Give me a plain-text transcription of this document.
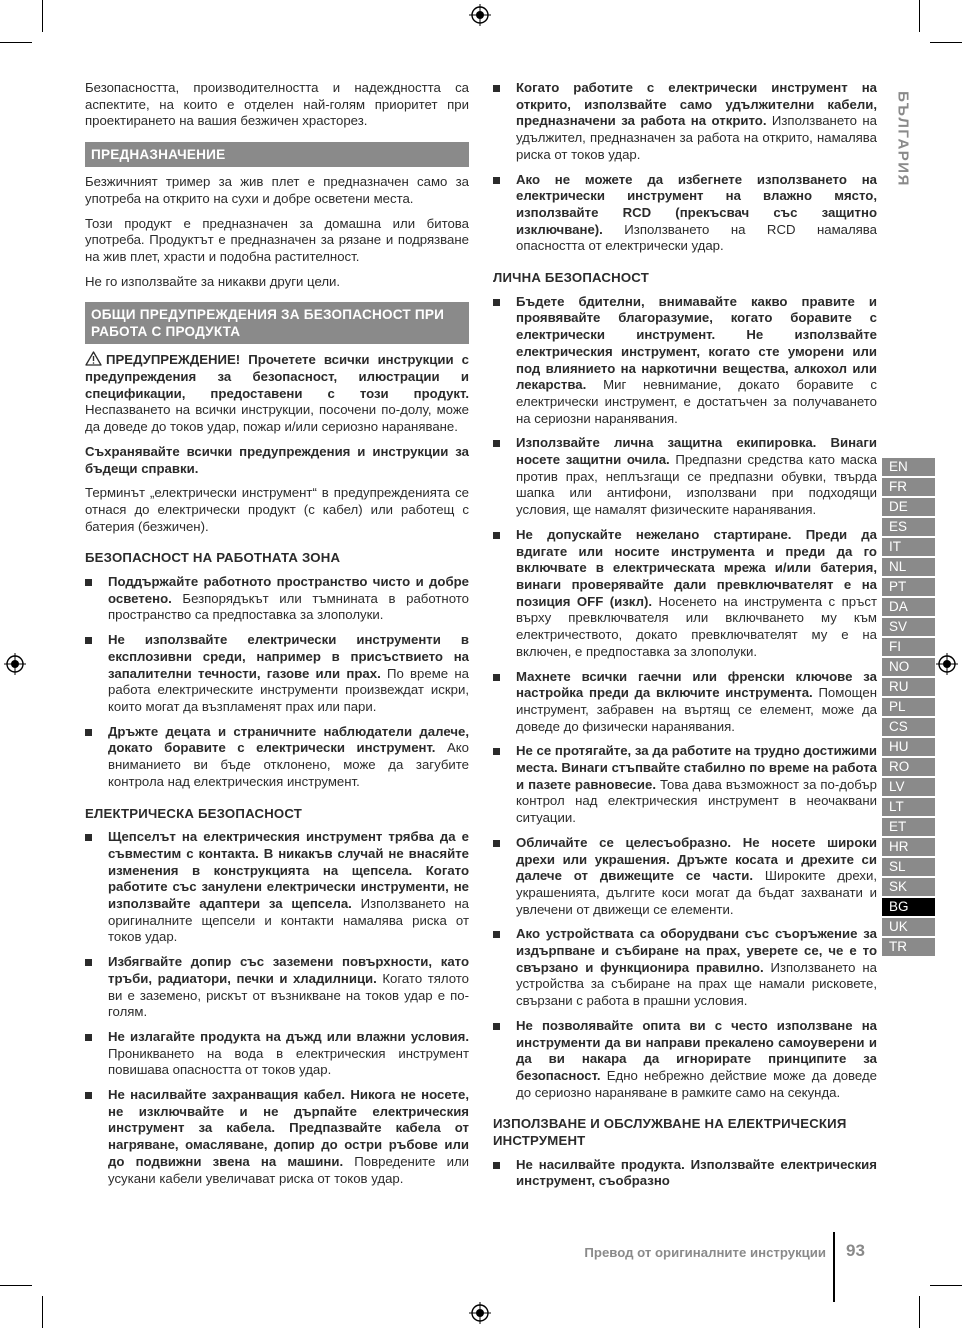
Безопасността, производителността и надеждността са аспектите, на които е отделен най-голям приоритет при проектирането на вашия безжичен храсторез.

ПРЕДНАЗНАЧЕНИЕ

Безжичният тример за жив плет е предназначен само за употреба на открито на сухи и добре осветени места.

Този продукт е предназначен за домашна или битова употреба. Продуктът е предназначен за рязане и подрязване на жив плет, храсти и подобна растителност.

Не го използвайте за никакви други цели.

ОБЩИ ПРЕДУПРЕЖДЕНИЯ ЗА БЕЗОПАСНОСТ ПРИ РАБОТА С ПРОДУКТА

ПРЕДУПРЕЖДЕНИЕ! Прочетете всички инструкции с предупреждения за безопасност, илюстрации и спецификации, предоставени с този продукт. Неспазването на всички инструкции, посочени по-долу, може да доведе до токов удар, пожар и/или сериозно нараняване.

Съхранявайте всички предупреждения и инструкции за бъдещи справки.

Терминът „електрически инструмент“ в предупрежденията се отнася до електрически продукт (с кабел) или работещ с батерия (безжичен).

БЕЗОПАСНОСТ НА РАБОТНАТА ЗОНА
Поддържайте работното пространство чисто и добре осветено. Безпорядъкът или тъмнината в работното пространство са предпоставка за злополуки.
Не използвайте електрически инструменти в експлозивни среди, например в присъствието на запалителни течности, газове или прах. По време на работа електрическите инструменти произвеждат искри, които могат да възпламенят прах или пари.
Дръжте децата и страничните наблюдатели далече, докато боравите с електрически инструмент. Ако вниманието ви бъде отклонено, може да загубите контрола над електрическия инструмент.
ЕЛЕКТРИЧЕСКА БЕЗОПАСНОСТ
Щепселът на електрическия инструмент трябва да е съвместим с контакта. В никакъв случай не внасяйте изменения в конструкцията на щепсела. Когато работите със занулени електрически инструменти, не използвайте адаптери за щепсела. Използването на оригиналните щепсели и контакти намалява риска от токов удар.
Избягвайте допир със заземени повърхности, като тръби, радиатори, печки и хладилници. Когато тялото ви е заземено, рискът от възникване на токов удар е по-голям.
Не излагайте продукта на дъжд или влажни условия. Проникването на вода в електрическия инструмент повишава опасността от токов удар.
Не насилвайте захранващия кабел. Никога не носете, не изключвайте и не дърпайте електрическия инструмент за кабела. Предпазвайте кабела от нагряване, омасляване, допир до остри ръбове или до подвижни звена на машини. Повредените или усукани кабели увеличават риска от токов удар.
Когато работите с електрически инструмент на открито, използвайте само удължителни кабели, предназначени за работа на открито. Използването на удължител, предназначен за работа на открито, намалява риска от токов удар.
Ако не можете да избегнете използването на електрически инструмент на влажно място, използвайте RCD (прекъсвач със защитно изключване). Използването на RCD намалява опасността от електрически удар.
ЛИЧНА БЕЗОПАСНОСТ
Бъдете бдителни, внимавайте какво правите и проявявайте благоразумие, когато боравите с електрически инструмент. Не използвайте електрическия инструмент, когато сте уморени или под влиянието на наркотични вещества, алкохол или лекарства. Миг невнимание, докато боравите с електрически инструмент, е достатъчен за получаването на сериозни наранявания.
Използвайте лична защитна екипировка. Винаги носете защитни очила. Предпазни средства като маска против прах, неплъзгащи се предпазни обувки, твърда шапка или антифони, използвани при подходящи условия, ще намалят физическите наранявания.
Не допускайте нежелано стартиране. Преди да вдигате или носите инструмента и преди да го включвате в електрическата мрежа и/или батерия, винаги проверявайте дали превключвателят е на позиция OFF (изкл). Носенето на инструмента с пръст върху превключвателя или включването му към електричеството, докато превключвателят му е на включен, е предпоставка за злополуки.
Махнете всички гаечни или френски ключове за настройка преди да включите инструмента. Помощен инструмент, забравен на въртящ се елемент, може да доведе до физически наранявания.
Не се протягайте, за да работите на трудно достижими места. Винаги стъпвайте стабилно по време на работа и пазете равновесие. Това дава възможност за по-добър контрол над електрическия инструмент в неочаквани ситуации.
Обличайте се целесъобразно. Не носете широки дрехи или украшения. Дръжте косата и дрехите си далече от движещите се части. Широките дрехи, украшенията, дългите коси могат да бъдат захванати и увлечени от движещи се елементи.
Ако устройствата са оборудвани със съоръжение за издърпване и събиране на прах, уверете се, че е то свързано и функционира правилно. Използването на устройства за събиране на прах ще намали рисковете, свързани с работа в прашни условия.
Не позволявайте опита ви с често използване на инструменти да ви направи прекалено самоуверени и да ви накара да игнорирате принципите за безопасност. Едно небрежно действие може да доведе до сериозно нараняване в рамките само на секунда.
ИЗПОЛЗВАНЕ И ОБСЛУЖВАНЕ НА ЕЛЕКТРИЧЕСКИЯ ИНСТРУМЕНТ
Не насилвайте продукта. Използвайте електрическия инструмент, съобразно
БЪЛГАРИЯ
EN
FR
DE
ES
IT
NL
PT
DA
SV
FI
NO
RU
PL
CS
HU
RO
LV
LT
ET
HR
SL
SK
BG
UK
TR
Превод от оригиналните инструкции 93
